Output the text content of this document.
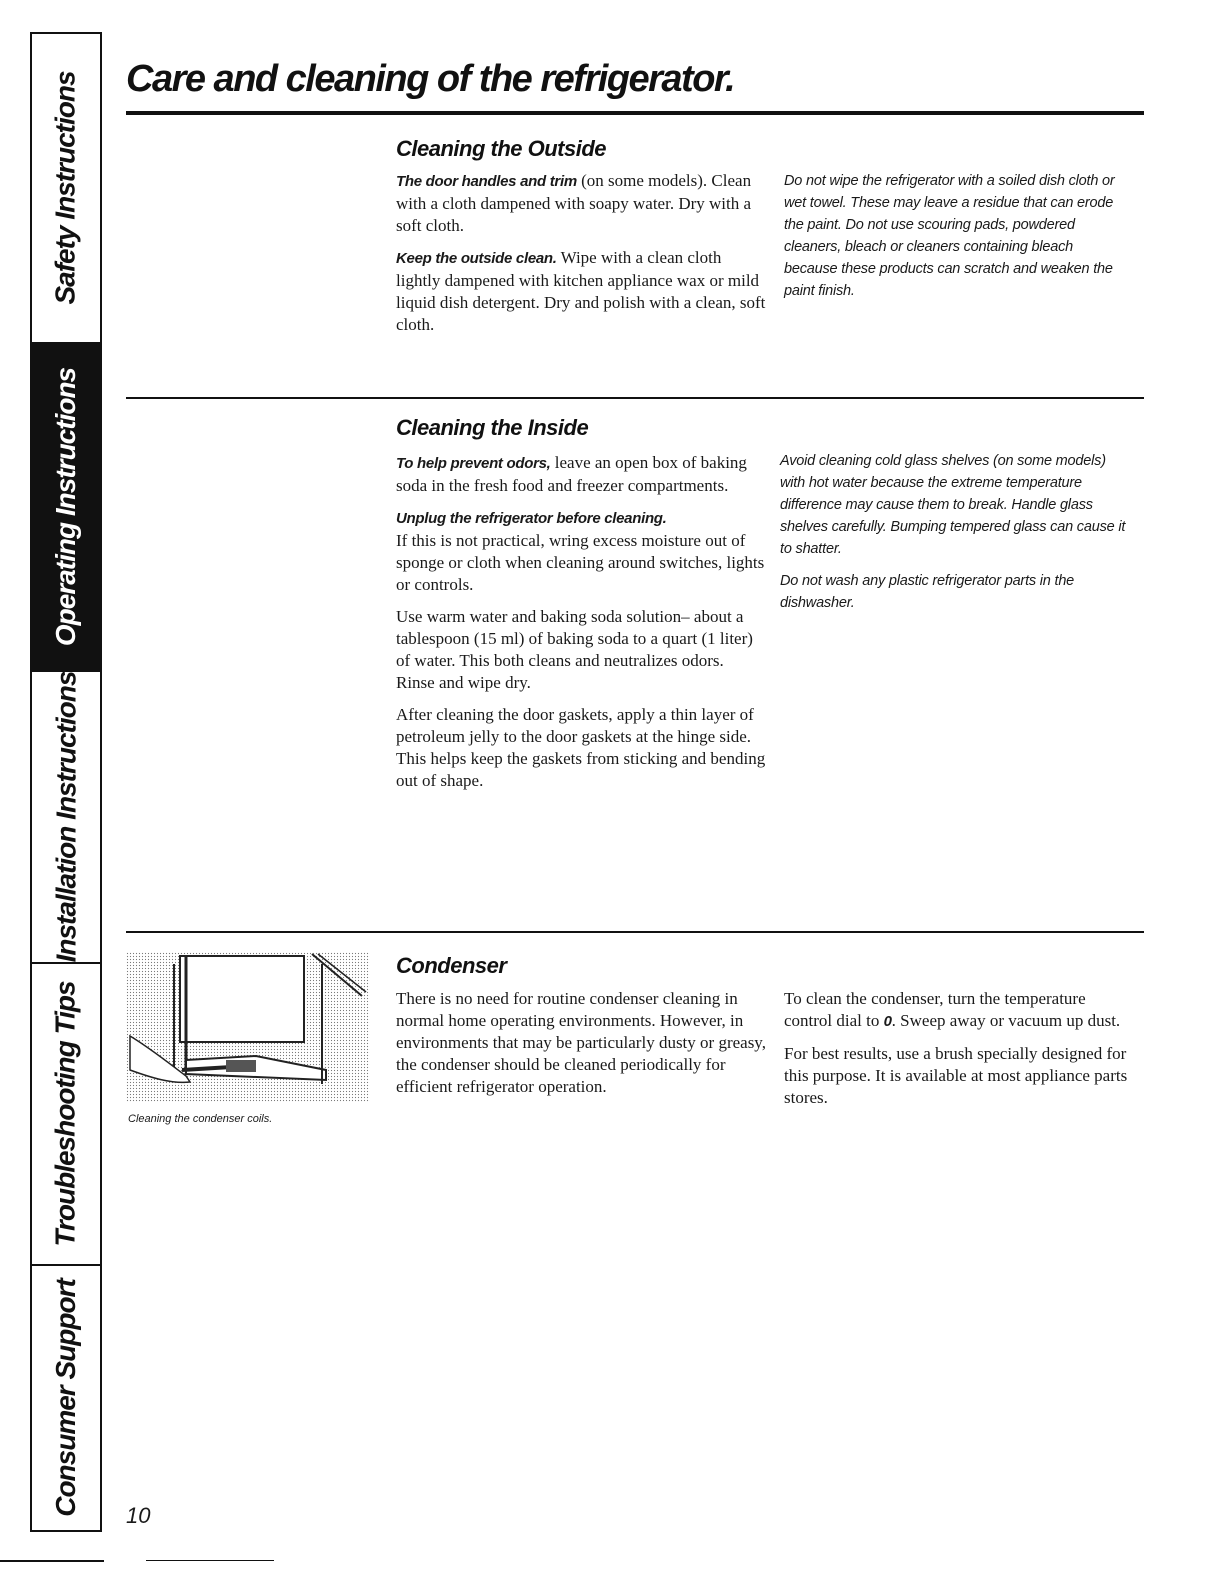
Safety Instructions
Operating Instructions
Installation Instructions
Troubleshooting Tips
Consumer Support
Care and cleaning of the refrigerator.
Cleaning the Outside

The door handles and trim (on some models). Clean with a cloth dampened with soapy water. Dry with a soft cloth.

Keep the outside clean. Wipe with a clean cloth lightly dampened with kitchen appliance wax or mild liquid dish detergent. Dry and polish with a clean, soft cloth.

Do not wipe the refrigerator with a soiled dish cloth or wet towel. These may leave a residue that can erode the paint. Do not use scouring pads, powdered cleaners, bleach or cleaners containing bleach because these products can scratch and weaken the paint finish.

Cleaning the Inside

To help prevent odors, leave an open box of baking soda in the fresh food and freezer compartments.

Unplug the refrigerator before cleaning.
If this is not practical, wring excess moisture out of sponge or cloth when cleaning around switches, lights or controls.

Use warm water and baking soda solution– about a tablespoon (15 ml) of baking soda to a quart (1 liter) of water. This both cleans and neutralizes odors. Rinse and wipe dry.

After cleaning the door gaskets, apply a thin layer of petroleum jelly to the door gaskets at the hinge side. This helps keep the gaskets from sticking and bending out of shape.

Avoid cleaning cold glass shelves (on some models) with hot water because the extreme temperature difference may cause them to break. Handle glass shelves carefully. Bumping tempered glass can cause it to shatter.

Do not wash any plastic refrigerator parts in the dishwasher.

Cleaning the condenser coils.
Condenser

There is no need for routine condenser cleaning in normal home operating environments. However, in environments that may be particularly dusty or greasy, the condenser should be cleaned periodically for efficient refrigerator operation.

To clean the condenser, turn the temperature control dial to 0. Sweep away or vacuum up dust.

For best results, use a brush specially designed for this purpose. It is available at most appliance parts stores.

10
